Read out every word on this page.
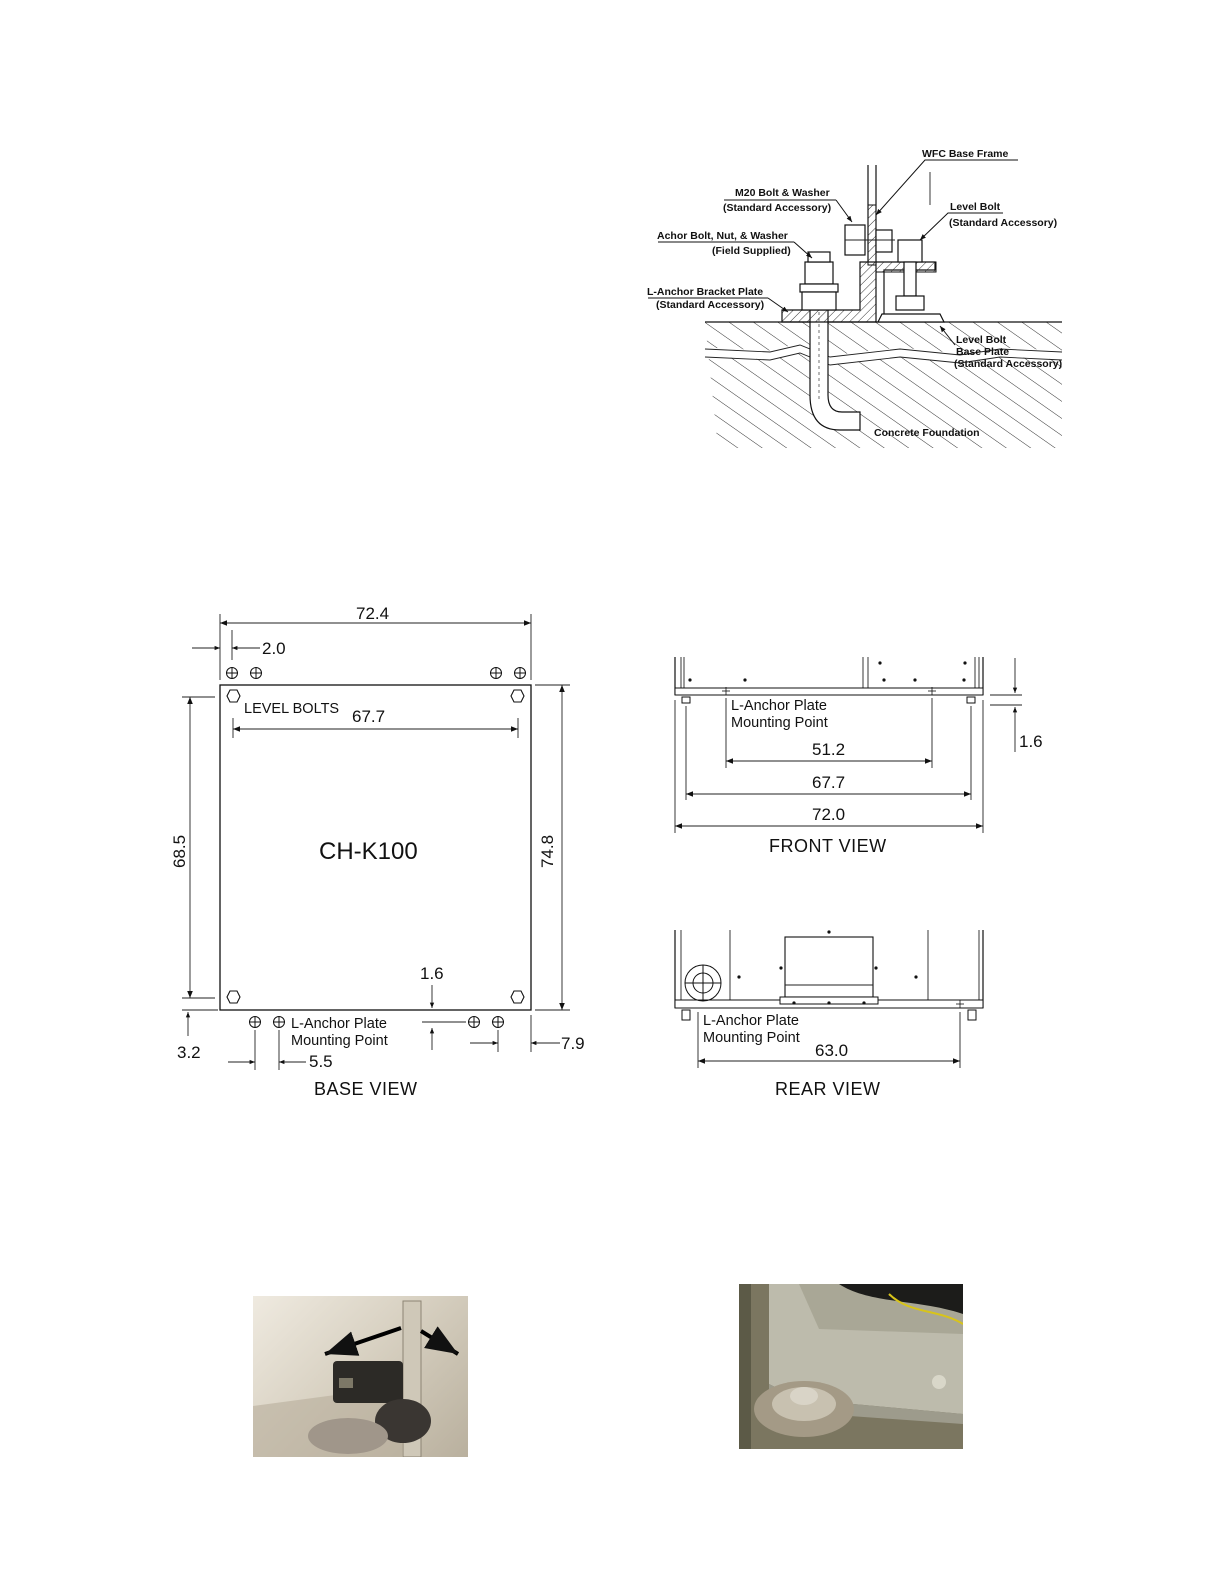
WFC Base Frame
M20 Bolt & Washer
(Standard Accessory)	Level Bolt
(Standard Accessory)
Achor Bolt, Nut, & Washer
(Field Supplied)
L-Anchor Bracket Plate
(Standard Accessory)
Level Bolt
Base Plate
(Standard Accessory)
Concrete Foundation
72.4
2.0
LEVEL BOLTS 67.7
68.5	74.8
CH-K100
1.6
3.2	5.5
7.9
L-Anchor Plate
Mounting Point
BASE VIEW
51.2
67.7
72.0
1.6
L-Anchor Plate
Mounting Point
FRONT VIEW
63.0
L-Anchor Plate
Mounting Point
REAR VIEW
